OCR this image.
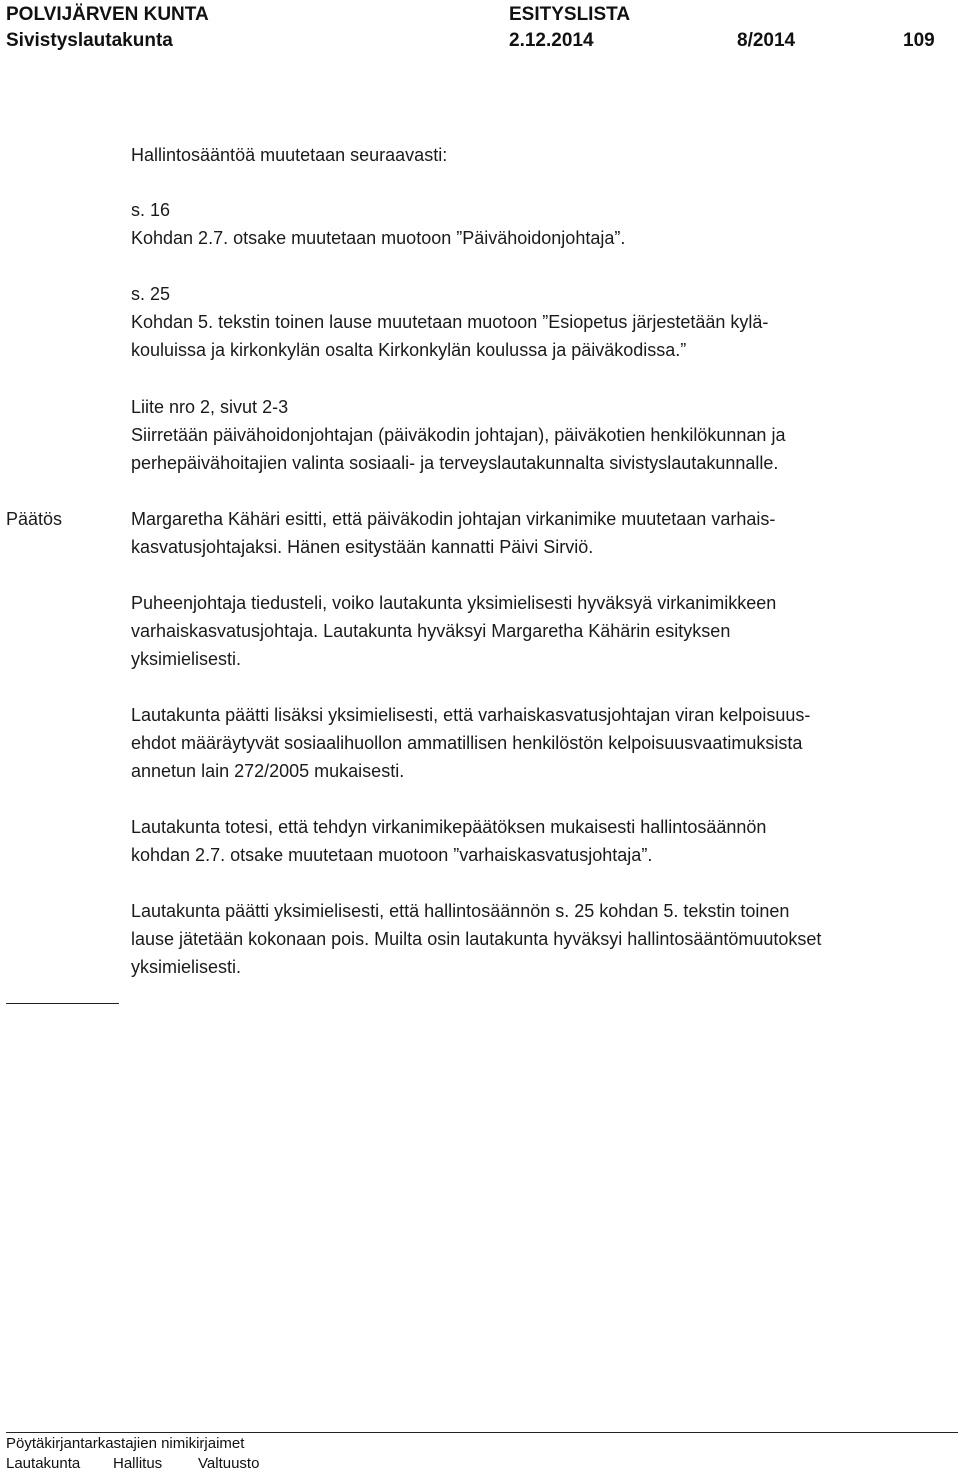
POLVIJÄRVEN KUNTA	ESITYSLISTA
Sivistyslautakunta	2.12.2014	8/2014	109
Hallintosääntöä muutetaan seuraavasti:
s. 16
Kohdan 2.7. otsake muutetaan muotoon ”Päivähoidonjohtaja”.
s. 25
Kohdan 5. tekstin toinen lause muutetaan muotoon ”Esiopetus järjestetään kylä-
kouluissa ja kirkonkylän osalta Kirkonkylän koulussa ja päiväkodissa.”
Liite nro 2, sivut 2-3
Siirretään päivähoidonjohtajan (päiväkodin johtajan), päiväkotien henkilökunnan ja
perhepäivähoitajien valinta sosiaali- ja terveyslautakunnalta sivistyslautakunnalle.
Päätös	Margaretha Kähäri esitti, että päiväkodin johtajan virkanimike muutetaan varhais-
kasvatusjohtajaksi. Hänen esitystään kannatti Päivi Sirviö.
Puheenjohtaja tiedusteli, voiko lautakunta yksimielisesti hyväksyä virkanimikkeen
varhaiskasvatusjohtaja. Lautakunta hyväksyi Margaretha Kähärin esityksen
yksimielisesti.
Lautakunta päätti lisäksi yksimielisesti, että varhaiskasvatusjohtajan viran kelpoisuus-
ehdot määräytyvät sosiaalihuollon ammatillisen henkilöstön kelpoisuusvaatimuksista
annetun lain 272/2005 mukaisesti.
Lautakunta totesi, että tehdyn virkanimikepäätöksen mukaisesti hallintosäännön
kohdan 2.7. otsake muutetaan muotoon ”varhaiskasvatusjohtaja”.
Lautakunta päätti yksimielisesti, että hallintosäännön s. 25 kohdan 5. tekstin toinen
lause jätetään kokonaan pois. Muilta osin lautakunta hyväksyi hallintosääntömuutokset
yksimielisesti.
Pöytäkirjantarkastajien nimikirjaimet
Lautakunta Hallitus Valtuusto
